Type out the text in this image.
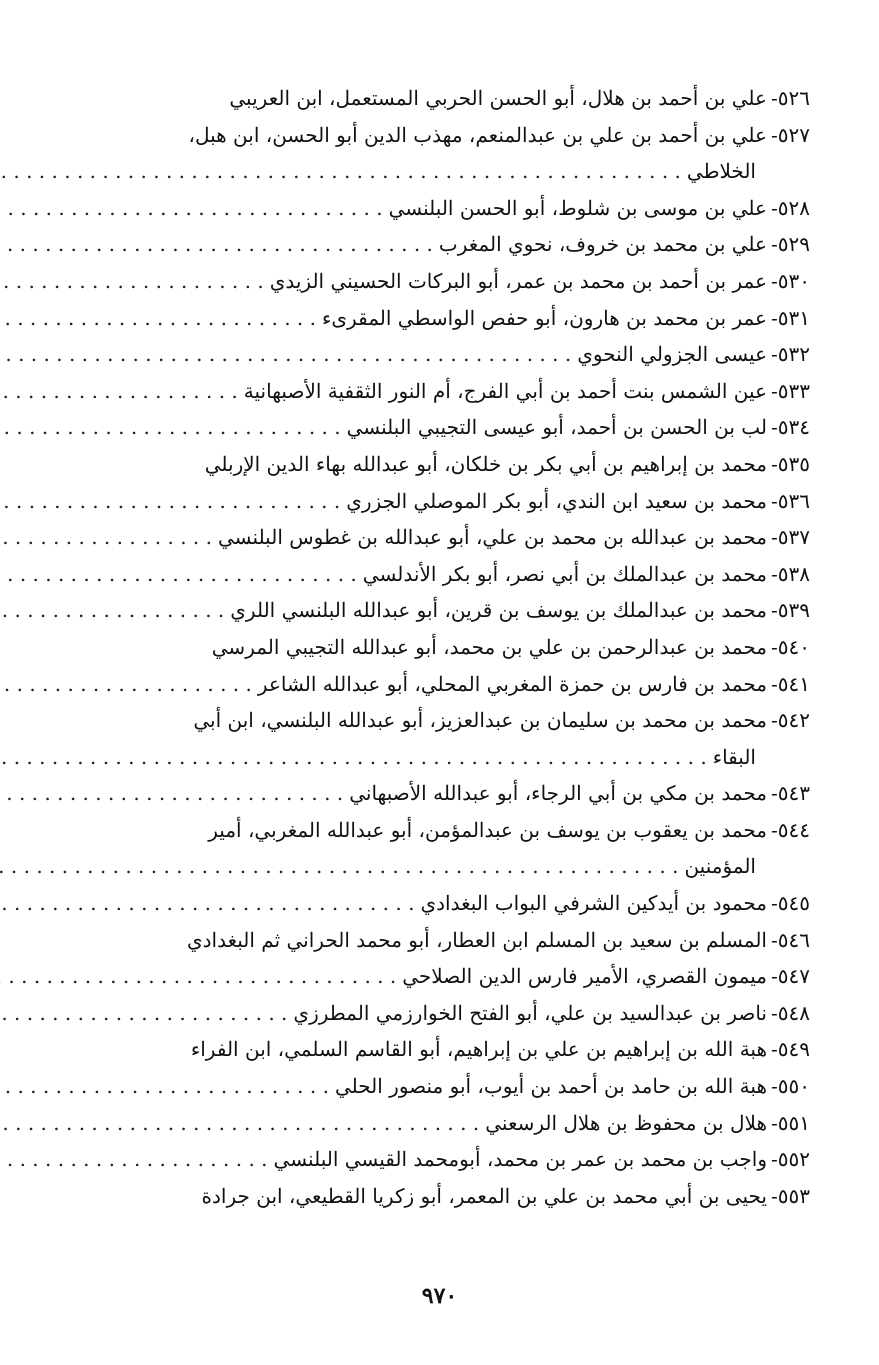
٥٢٦-
علي بن أحمد بن هلال، أبو الحسن الحربي المستعمل، ابن العريبي
٥٢٧-
علي بن أحمد بن علي بن عبدالمنعم، مهذب الدين أبو الحسن، ابن هبل،
الخلاطي
. . .
٥٢٨-
علي بن موسى بن شلوط، أبو الحسن البلنسي
. . .
٥٢٩-
علي بن محمد بن خروف، نحوي المغرب
. . .
٥٣٠-
عمر بن أحمد بن محمد بن عمر، أبو البركات الحسيني الزيدي
. . .
٥٣١-
عمر بن محمد بن هارون، أبو حفص الواسطي المقرىء
. . .
٥٣٢-
عيسى الجزولي النحوي
. . .
٥٣٣-
عين الشمس بنت أحمد بن أبي الفرج، أم النور الثقفية الأصبهانية
. . .
٥٣٤-
لب بن الحسن بن أحمد، أبو عيسى التجيبي البلنسي
. . .
٥٣٥-
محمد بن إبراهيم بن أبي بكر بن خلكان، أبو عبدالله بهاء الدين الإربلي
٥٣٦-
محمد بن سعيد ابن الندي، أبو بكر الموصلي الجزري
. . .
٥٣٧-
محمد بن عبدالله بن محمد بن علي، أبو عبدالله بن غطوس البلنسي
. . .
٥٣٨-
محمد بن عبدالملك بن أبي نصر، أبو بكر الأندلسي
. . .
٥٣٩-
محمد بن عبدالملك بن يوسف بن قرين، أبو عبدالله البلنسي اللري
. . .
٥٤٠-
محمد بن عبدالرحمن بن علي بن محمد، أبو عبدالله التجيبي المرسي
٥٤١-
محمد بن فارس بن حمزة المغربي المحلي، أبو عبدالله الشاعر
. . .
٥٤٢-
محمد بن محمد بن سليمان بن عبدالعزيز، أبو عبدالله البلنسي، ابن أبي
البقاء
. . .
٥٤٣-
محمد بن مكي بن أبي الرجاء، أبو عبدالله الأصبهاني
. . .
٥٤٤-
محمد بن يعقوب بن يوسف بن عبدالمؤمن، أبو عبدالله المغربي، أمير
المؤمنين
. . .
٥٤٥-
محمود بن أيدكين الشرفي البواب البغدادي
. . .
٥٤٦-
المسلم بن سعيد بن المسلم ابن العطار، أبو محمد الحراني ثم البغدادي
٥٤٧-
ميمون القصري، الأمير فارس الدين الصلاحي
. . .
٥٤٨-
ناصر بن عبدالسيد بن علي، أبو الفتح الخوارزمي المطرزي
. . .
٥٤٩-
هبة الله بن إبراهيم بن علي بن إبراهيم، أبو القاسم السلمي، ابن الفراء
٥٥٠-
هبة الله بن حامد بن أحمد بن أيوب، أبو منصور الحلي
. . .
٥٥١-
هلال بن محفوظ بن هلال الرسعني
. . .
٥٥٢-
واجب بن محمد بن عمر بن محمد، أبومحمد القيسي البلنسي
. . .
٥٥٣-
يحيى بن أبي محمد بن علي بن المعمر، أبو زكريا القطيعي، ابن جرادة
٩٧٠
